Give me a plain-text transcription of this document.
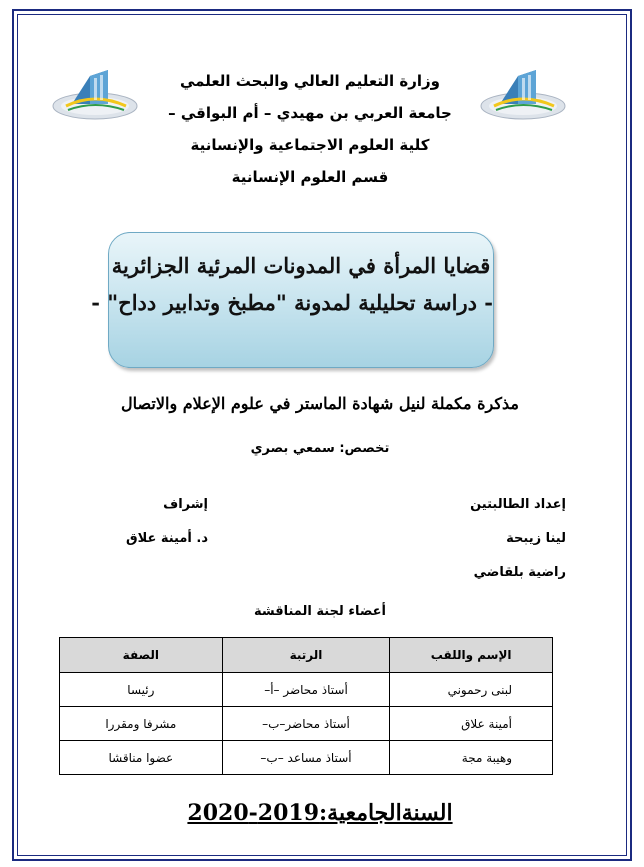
وزارة التعليم العالي والبحث العلمي
جامعة العربي بن مهيدي – أم البواقي –
كلية العلوم الاجتماعية والإنسانية
قسم العلوم الإنسانية
قضايا المرأة في المدونات المرئية الجزائرية
- دراسة تحليلية لمدونة "مطبخ وتدابير دداح" -
مذكرة مكملة لنيل شهادة الماستر في علوم الإعلام والاتصال
تخصص: سمعي بصري
إعداد الطالبتين
لينا زيبحة
راضية بلقاضي
إشراف
د. أمينة علاق
أعضاء لجنة المناقشة
الإسم واللقب	الرتبة	الصفة
لبنى رحموني	أستاذ محاضر –أ–	رئيسا
أمينة علاق	أستاذ محاضر–ب–	مشرفا ومقررا
وهيبة مجة	أستاذ مساعد –ب–	عضوا مناقشا
السنةالجامعية:2019-2020
